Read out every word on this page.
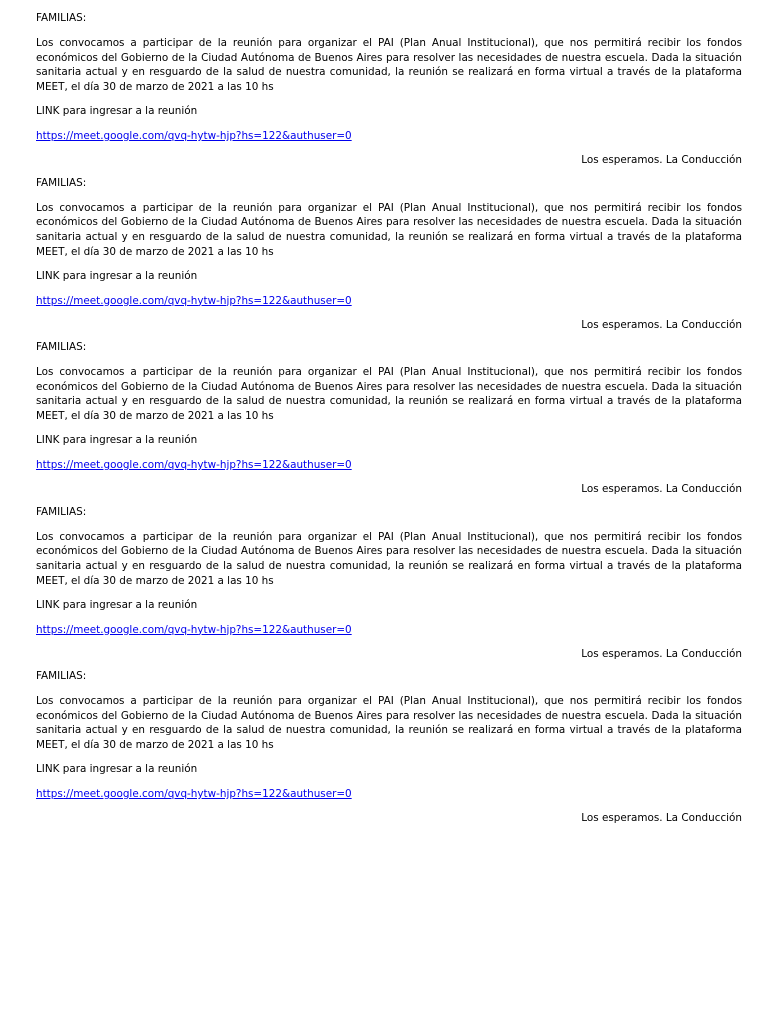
FAMILIAS:
Los convocamos a participar de la reunión para organizar el PAI (Plan Anual Institucional), que nos permitirá recibir los fondos económicos del Gobierno de la Ciudad Autónoma de Buenos Aires para resolver las necesidades de nuestra escuela. Dada la situación sanitaria actual y en resguardo de la salud de nuestra comunidad, la reunión se realizará en forma virtual a través de la plataforma MEET, el día 30 de marzo de 2021 a las 10 hs
LINK para ingresar a la reunión
https://meet.google.com/qvq-hytw-hjp?hs=122&authuser=0
Los esperamos. La Conducción
FAMILIAS:
Los convocamos a participar de la reunión para organizar el PAI (Plan Anual Institucional), que nos permitirá recibir los fondos económicos del Gobierno de la Ciudad Autónoma de Buenos Aires para resolver las necesidades de nuestra escuela. Dada la situación sanitaria actual y en resguardo de la salud de nuestra comunidad, la reunión se realizará en forma virtual a través de la plataforma MEET, el día 30 de marzo de 2021 a las 10 hs
LINK para ingresar a la reunión
https://meet.google.com/qvq-hytw-hjp?hs=122&authuser=0
Los esperamos. La Conducción
FAMILIAS:
Los convocamos a participar de la reunión para organizar el PAI (Plan Anual Institucional), que nos permitirá recibir los fondos económicos del Gobierno de la Ciudad Autónoma de Buenos Aires para resolver las necesidades de nuestra escuela. Dada la situación sanitaria actual y en resguardo de la salud de nuestra comunidad, la reunión se realizará en forma virtual a través de la plataforma MEET, el día 30 de marzo de 2021 a las 10 hs
LINK para ingresar a la reunión
https://meet.google.com/qvq-hytw-hjp?hs=122&authuser=0
Los esperamos. La Conducción
FAMILIAS:
Los convocamos a participar de la reunión para organizar el PAI (Plan Anual Institucional), que nos permitirá recibir los fondos económicos del Gobierno de la Ciudad Autónoma de Buenos Aires para resolver las necesidades de nuestra escuela. Dada la situación sanitaria actual y en resguardo de la salud de nuestra comunidad, la reunión se realizará en forma virtual a través de la plataforma MEET, el día 30 de marzo de 2021 a las 10 hs
LINK para ingresar a la reunión
https://meet.google.com/qvq-hytw-hjp?hs=122&authuser=0
Los esperamos. La Conducción
FAMILIAS:
Los convocamos a participar de la reunión para organizar el PAI (Plan Anual Institucional), que nos permitirá recibir los fondos económicos del Gobierno de la Ciudad Autónoma de Buenos Aires para resolver las necesidades de nuestra escuela. Dada la situación sanitaria actual y en resguardo de la salud de nuestra comunidad, la reunión se realizará en forma virtual a través de la plataforma MEET, el día 30 de marzo de 2021 a las 10 hs
LINK para ingresar a la reunión
https://meet.google.com/qvq-hytw-hjp?hs=122&authuser=0
Los esperamos. La Conducción
